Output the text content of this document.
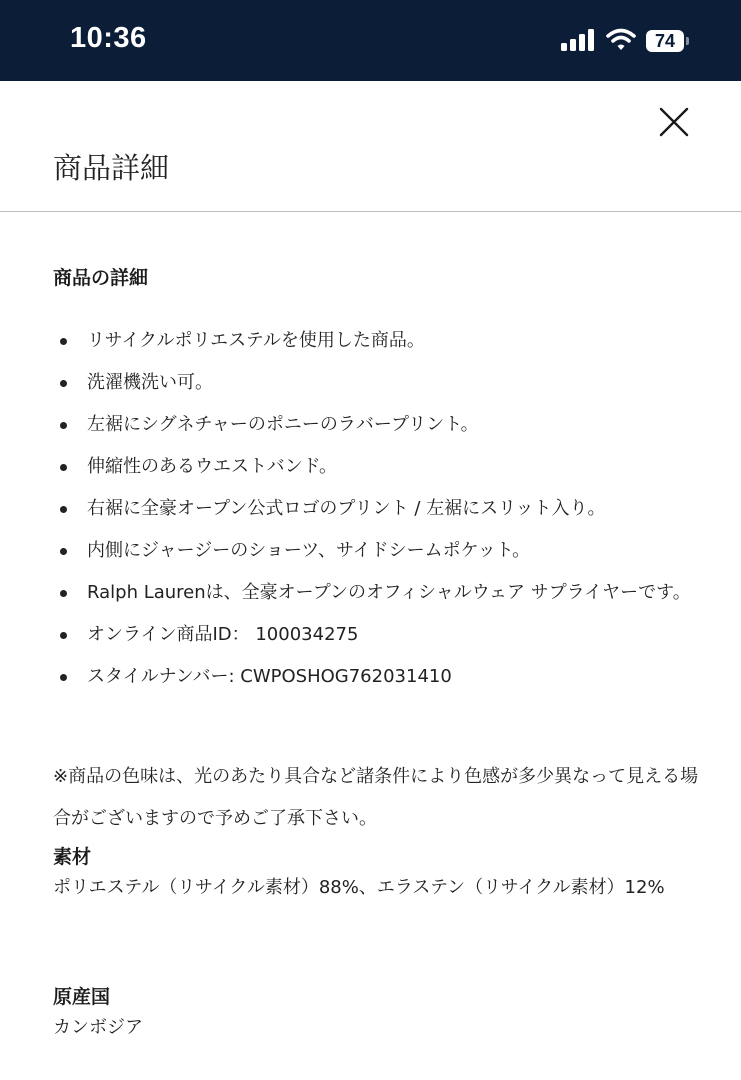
10:36	74
商品詳細
商品の詳細
リサイクルポリエステルを使用した商品。
洗濯機洗い可。
左裾にシグネチャーのポニーのラバープリント。
伸縮性のあるウエストバンド。
右裾に全豪オープン公式ロゴのプリント / 左裾にスリット入り。
内側にジャージーのショーツ、サイドシームポケット。
Ralph Laurenは、全豪オープンのオフィシャルウェア サプライヤーです。
オンライン商品ID： 100034275
スタイルナンバー: CWPOSHOG762031410

※商品の色味は、光のあたり具合など諸条件により色感が多少異なって見える場合がございますので予めご了承下さい。

素材

ポリエステル（リサイクル素材）88%、エラステン（リサイクル素材）12%

原産国

カンボジア
